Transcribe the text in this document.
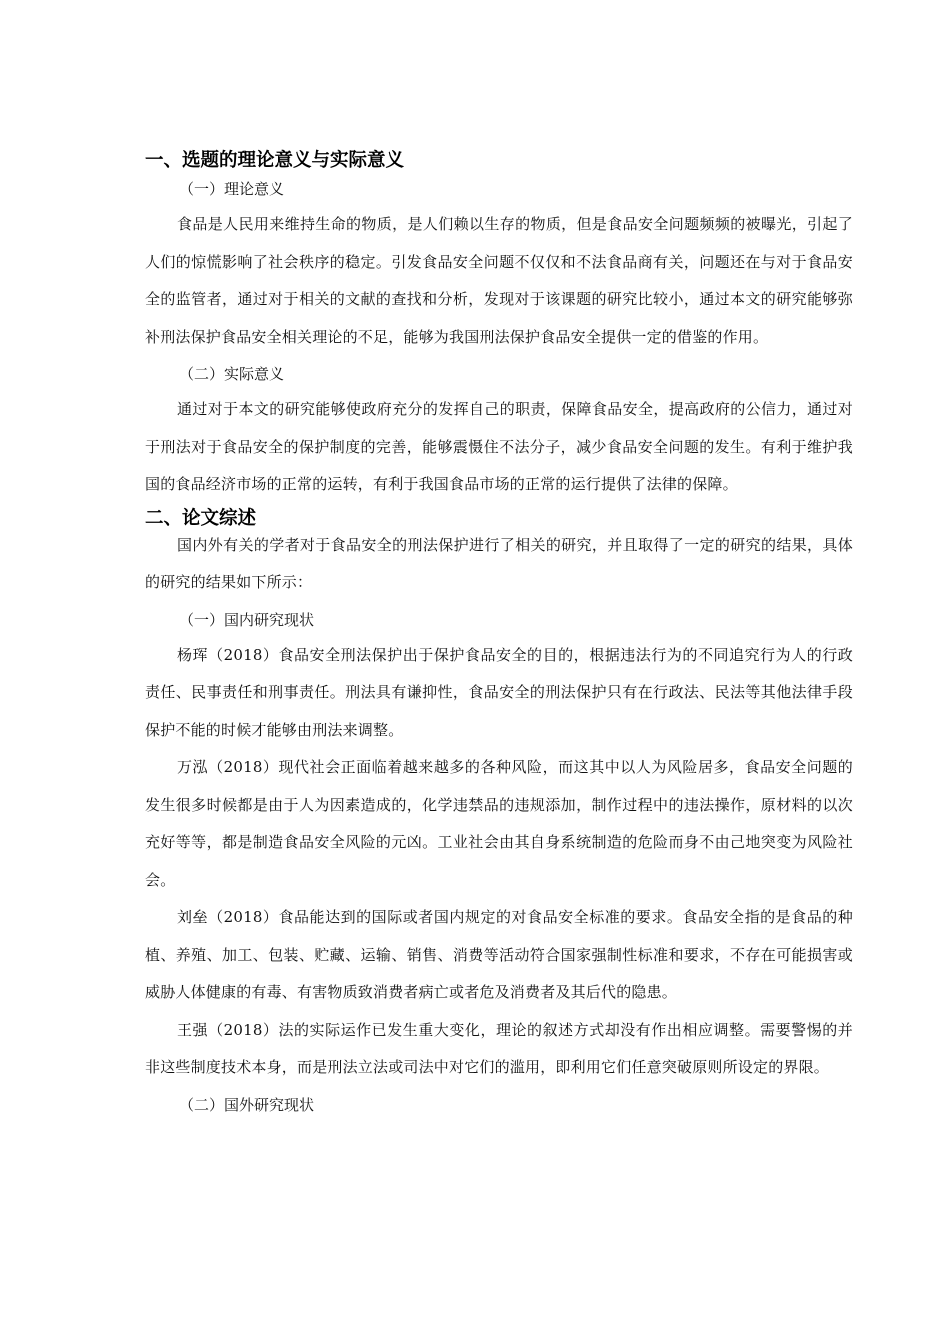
一、选题的理论意义与实际意义
（一）理论意义

食品是人民用来维持生命的物质，是人们赖以生存的物质，但是食品安全问题频频的被曝光，引起了人们的惊慌影响了社会秩序的稳定。引发食品安全问题不仅仅和不法食品商有关，问题还在与对于食品安全的监管者，通过对于相关的文献的查找和分析，发现对于该课题的研究比较小，通过本文的研究能够弥补刑法保护食品安全相关理论的不足，能够为我国刑法保护食品安全提供一定的借鉴的作用。

（二）实际意义

通过对于本文的研究能够使政府充分的发挥自己的职责，保障食品安全，提高政府的公信力，通过对于刑法对于食品安全的保护制度的完善，能够震慑住不法分子，减少食品安全问题的发生。有利于维护我国的食品经济市场的正常的运转，有利于我国食品市场的正常的运行提供了法律的保障。

二、论文综述

国内外有关的学者对于食品安全的刑法保护进行了相关的研究，并且取得了一定的研究的结果，具体的研究的结果如下所示：

（一）国内研究现状

杨珲（2018）食品安全刑法保护出于保护食品安全的目的，根据违法行为的不同追究行为人的行政责任、民事责任和刑事责任。刑法具有谦抑性，食品安全的刑法保护只有在行政法、民法等其他法律手段保护不能的时候才能够由刑法来调整。

万泓（2018）现代社会正面临着越来越多的各种风险，而这其中以人为风险居多，食品安全问题的发生很多时候都是由于人为因素造成的，化学违禁品的违规添加，制作过程中的违法操作，原材料的以次充好等等，都是制造食品安全风险的元凶。工业社会由其自身系统制造的危险而身不由己地突变为风险社会。

刘垒（2018）食品能达到的国际或者国内规定的对食品安全标准的要求。食品安全指的是食品的种植、养殖、加工、包装、贮藏、运输、销售、消费等活动符合国家强制性标准和要求，不存在可能损害或威胁人体健康的有毒、有害物质致消费者病亡或者危及消费者及其后代的隐患。

王强（2018）法的实际运作已发生重大变化，理论的叙述方式却没有作出相应调整。需要警惕的并非这些制度技术本身，而是刑法立法或司法中对它们的滥用，即利用它们任意突破原则所设定的界限。

（二）国外研究现状
